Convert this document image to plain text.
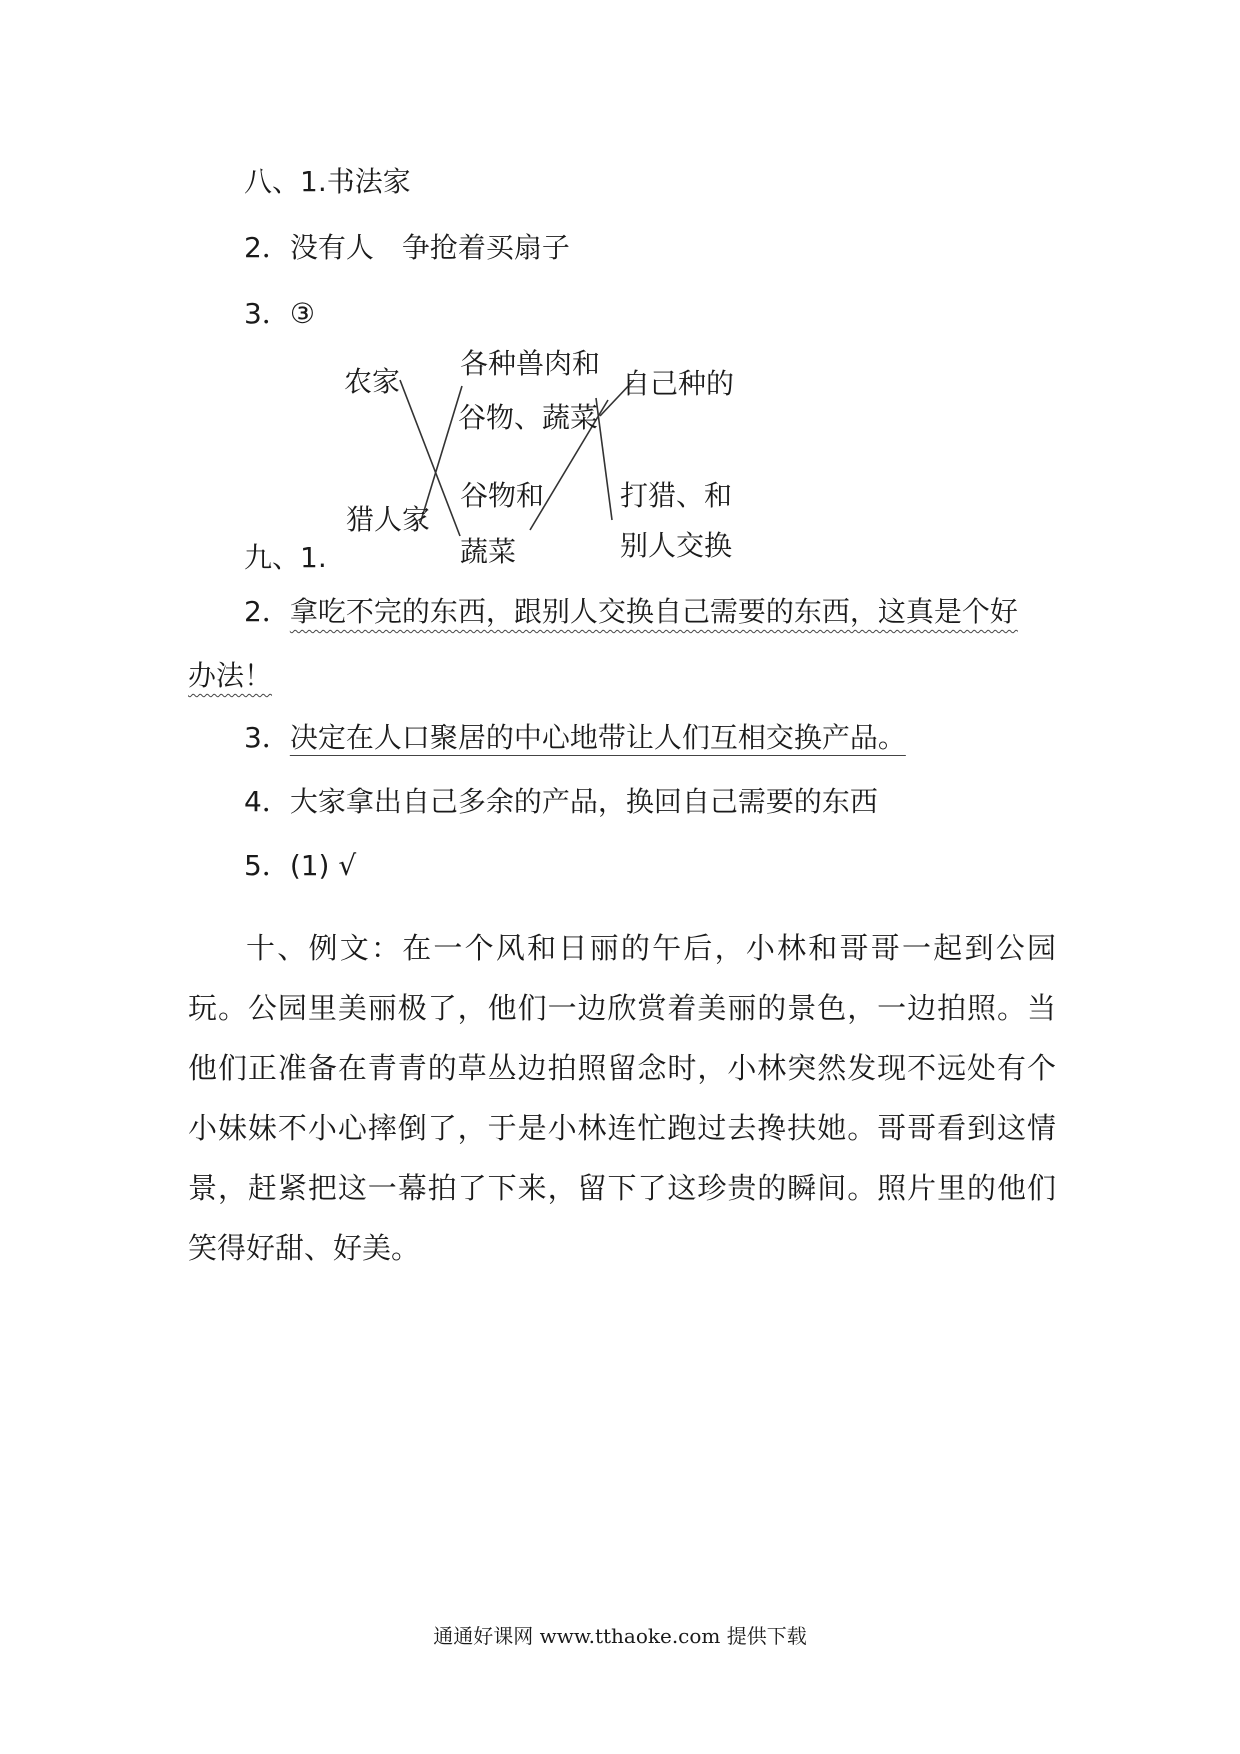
八、1.书法家
2．没有人　争抢着买扇子
3．③
农家
猎人家
各种兽肉和
谷物、蔬菜
谷物和
蔬菜
自己种的
打猎、和
别人交换
九、1.
2．拿吃不完的东西，跟别人交换自己需要的东西，这真是个好
办法！
3．决定在人口聚居的中心地带让人们互相交换产品。
4．大家拿出自己多余的产品，换回自己需要的东西
5．(1) √

十、例文：在一个风和日丽的午后，小林和哥哥一起到公园玩。公园里美丽极了，他们一边欣赏着美丽的景色，一边拍照。当他们正准备在青青的草丛边拍照留念时，小林突然发现不远处有个小妹妹不小心摔倒了，于是小林连忙跑过去搀扶她。哥哥看到这情景，赶紧把这一幕拍了下来，留下了这珍贵的瞬间。照片里的他们笑得好甜、好美。

通通好课网 www.tthaoke.com 提供下载
